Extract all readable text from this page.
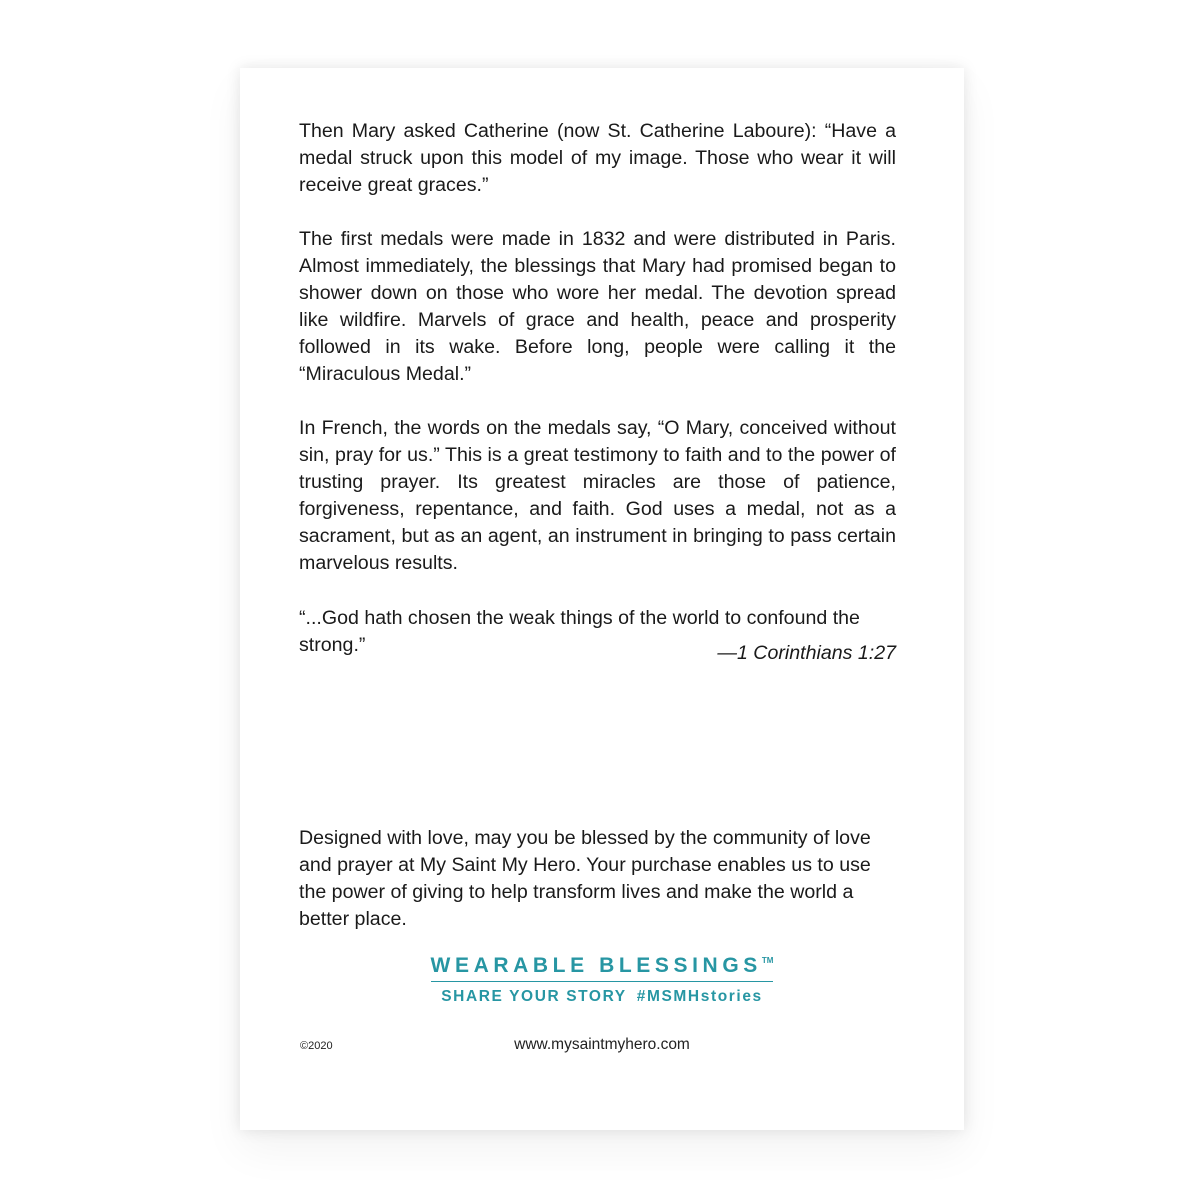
Then Mary asked Catherine (now St. Catherine Laboure): “Have a medal struck upon this model of my image. Those who wear it will receive great graces.”

The first medals were made in 1832 and were distributed in Paris. Almost immediately, the blessings that Mary had promised began to shower down on those who wore her medal. The devotion spread like wildfire. Marvels of grace and health, peace and prosperity followed in its wake. Before long, people were calling it the “Miraculous Medal.”

In French, the words on the medals say, “O Mary, conceived without sin, pray for us.” This is a great testimony to faith and to the power of trusting prayer. Its greatest miracles are those of patience, forgiveness, repentance, and faith. God uses a medal, not as a sacrament, but as an agent, an instrument in bringing to pass certain marvelous results.

“...God hath chosen the weak things of the world to confound the strong.”	—1 Corinthians 1:27

Designed with love, may you be blessed by the community of love and prayer at My Saint My Hero. Your purchase enables us to use the power of giving to help transform lives and make the world a better place.

WEARABLE BLESSINGS™
SHARE YOUR STORY #MSMHstories
©2020	www.mysaintmyhero.com
